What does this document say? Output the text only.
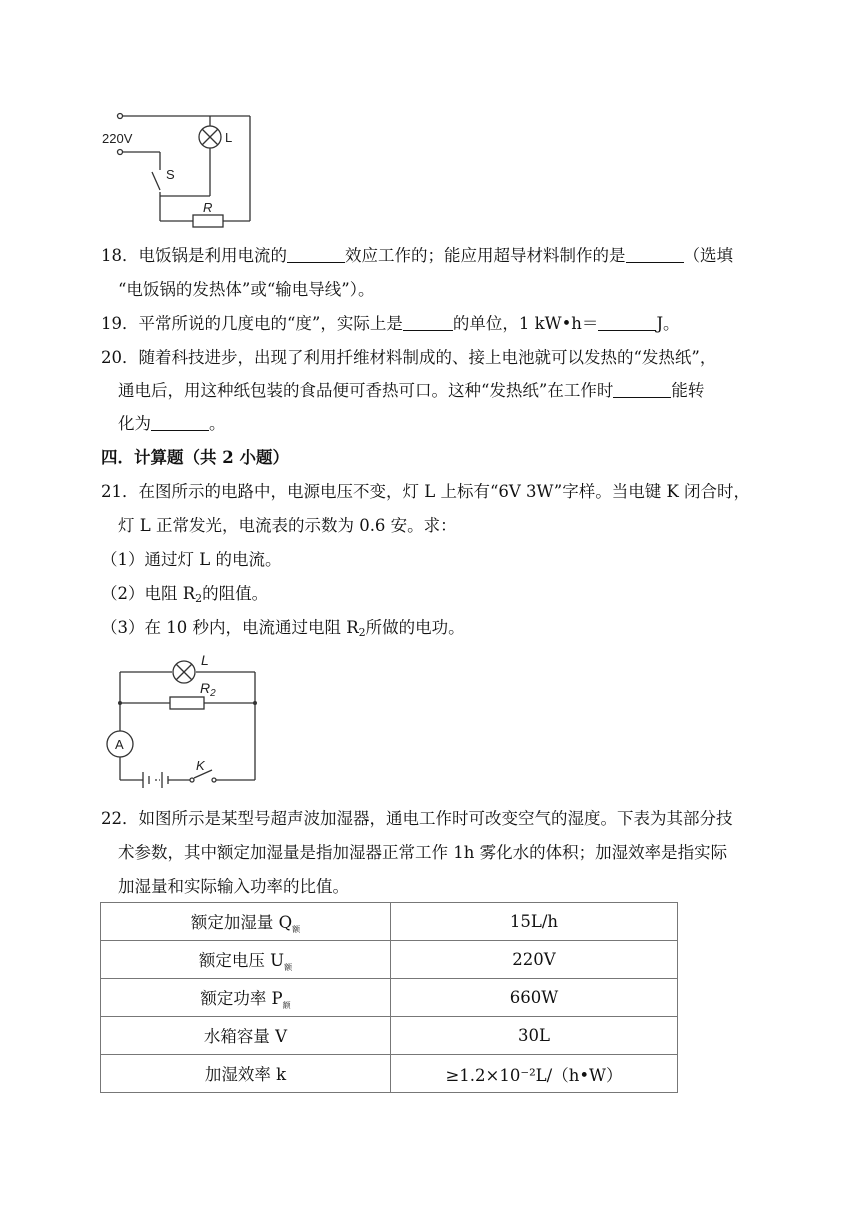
220V	L
S
R
18．电饭锅是利用电流的	效应工作的；能应用超导材料制作的是	（选填
“电饭锅的发热体”或“输电导线”）。
19．平常所说的几度电的“度”，实际上是	的单位，1 kW•h＝	J。
20．随着科技进步，出现了利用扦维材料制成的、接上电池就可以发热的“发热纸”，
通电后，用这种纸包装的食品便可香热可口。这种“发热纸”在工作时	能转
化为	。
四．计算题（共 2 小题）
21．在图所示的电路中，电源电压不变，灯 L 上标有“6V 3W”字样。当电键 K 闭合时，
灯 L 正常发光，电流表的示数为 0.6 安。求：
（1）通过灯 L 的电流。
（2）电阻 $R_2$的阻值。
（3）在 10 秒内，电流通过电阻 $R_2$所做的电功。
L
$R_2$
A
K
22．如图所示是某型号超声波加湿器，通电工作时可改变空气的湿度。下表为其部分技
术参数，其中额定加湿量是指加湿器正常工作 1h 雾化水的体积；加湿效率是指实际
加湿量和实际输入功率的比值。
额定加湿量 $Q_额$	15L/h
额定电压 $U_额$	220V
额定功率 $P_额$	660W
水箱容量 V	30L
加湿效率 k	≥1.2×10⁻²L/（h•W）
